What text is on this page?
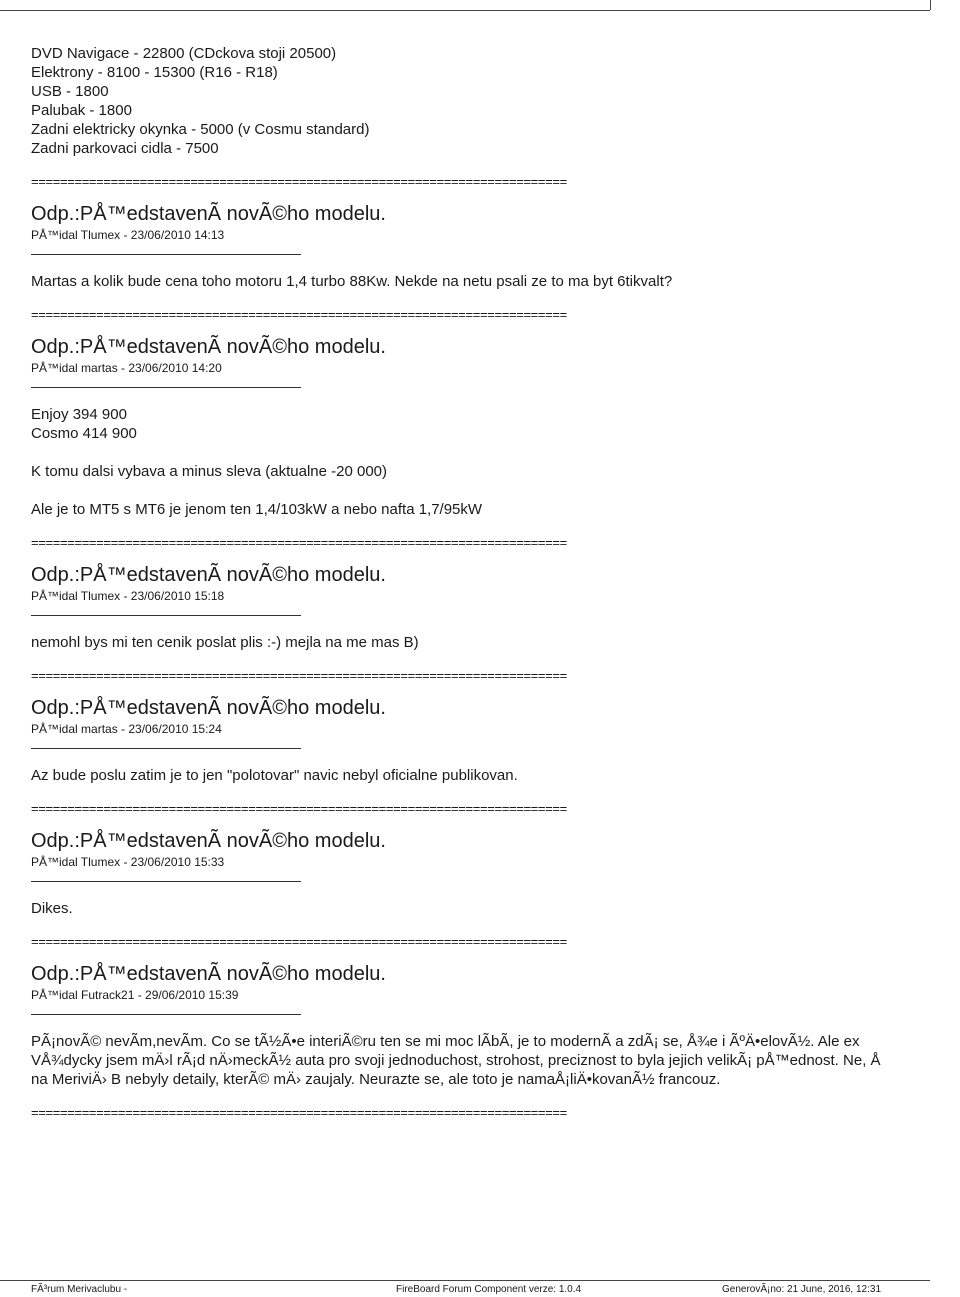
DVD Navigace - 22800 (CDckova stoji 20500)
Elektrony - 8100 - 15300 (R16 - R18)
USB - 1800
Palubak - 1800
Zadni elektricky okynka - 5000 (v Cosmu standard)
Zadni parkovaci cidla - 7500
==========================================================================
Odp.:PÅ™edstavenÃ novÃ©ho modelu.
PÅ™idal Tlumex - 23/06/2010 14:13

Martas a kolik bude cena toho motoru 1,4 turbo 88Kw. Nekde na netu psali ze to ma byt 6tikvalt?

==========================================================================
Odp.:PÅ™edstavenÃ novÃ©ho modelu.
PÅ™idal martas - 23/06/2010 14:20

Enjoy 394 900

Cosmo 414 900

K tomu dalsi vybava a minus sleva (aktualne -20 000)

Ale je to MT5 s MT6 je jenom ten 1,4/103kW a nebo nafta 1,7/95kW

==========================================================================
Odp.:PÅ™edstavenÃ novÃ©ho modelu.
PÅ™idal Tlumex - 23/06/2010 15:18

nemohl bys mi ten cenik poslat plis :-) mejla na me mas B)

==========================================================================
Odp.:PÅ™edstavenÃ novÃ©ho modelu.
PÅ™idal martas - 23/06/2010 15:24

Az bude poslu zatim je to jen "polotovar" navic nebyl oficialne publikovan.

==========================================================================
Odp.:PÅ™edstavenÃ novÃ©ho modelu.
PÅ™idal Tlumex - 23/06/2010 15:33

Dikes.

==========================================================================
Odp.:PÅ™edstavenÃ novÃ©ho modelu.
PÅ™idal Futrack21 - 29/06/2010 15:39

PÃ¡novÃ© nevÃm,nevÃm. Co se tÃ½Ã•e interiÃ©ru ten se mi moc lÃbÃ, je to modernÃ a zdÃ¡ se, Å¾e i ÃºÄ•elovÃ½. Ale ex

VÅ¾dycky jsem mÄ›l rÃ¡d nÄ›meckÃ½ auta pro svoji jednoduchost, strohost, preciznost to byla jejich velikÃ¡ pÅ™ednost. Ne, Å

na MeriviÄ› B nebyly detaily, kterÃ© mÄ› zaujaly. Neurazte se, ale toto je namaÅ¡liÄ•kovanÃ½ francouz.

==========================================================================
FÃ³rum Merivaclubu -	FireBoard Forum Component verze: 1.0.4	GenerovÃ¡no: 21 June, 2016, 12:31
